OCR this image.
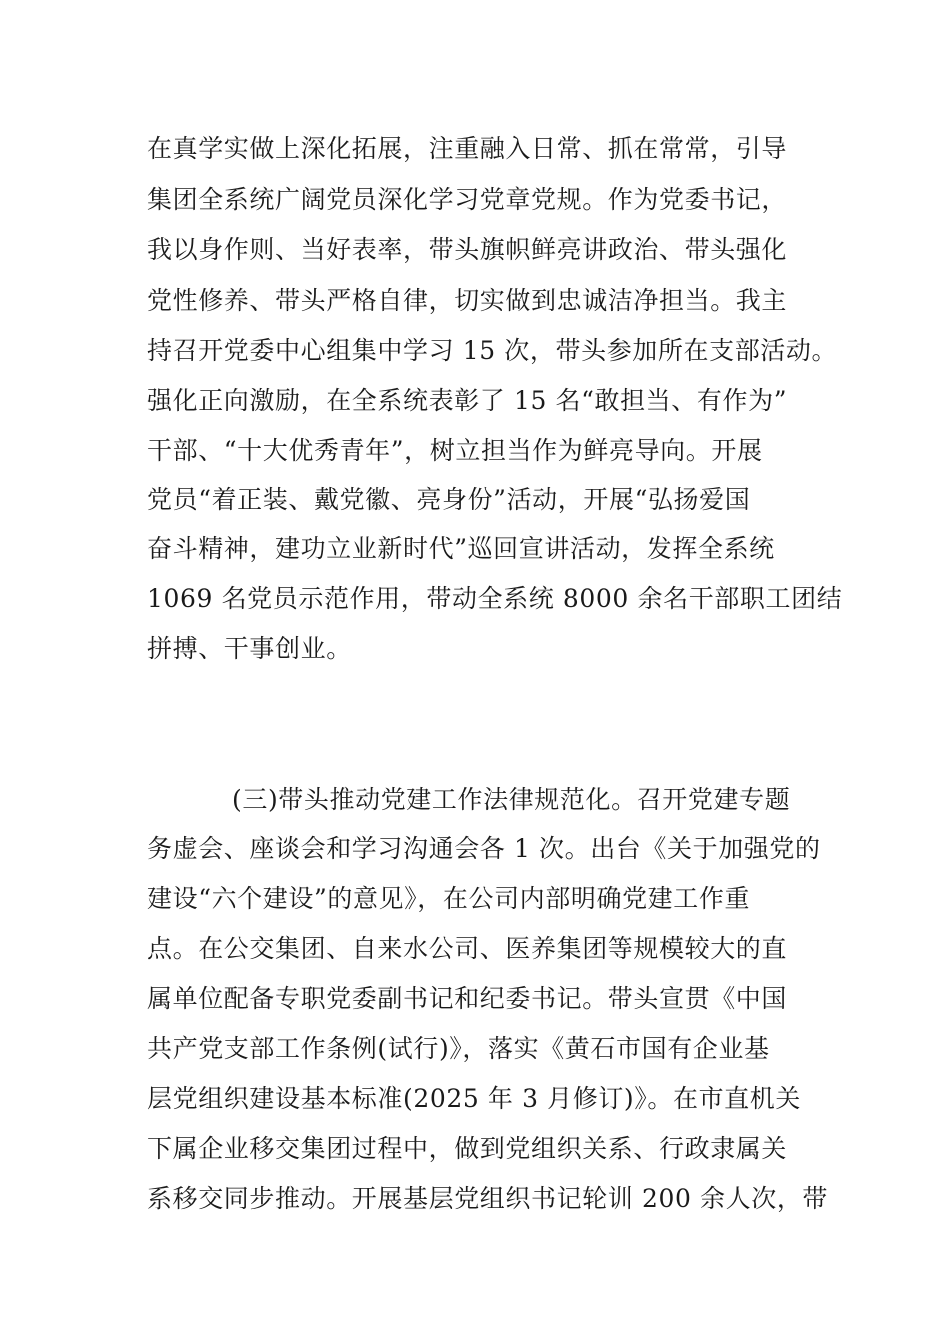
在真学实做上深化拓展，注重融入日常、抓在常常，引导
集团全系统广阔党员深化学习党章党规。作为党委书记，
我以身作则、当好表率，带头旗帜鲜亮讲政治、带头强化
党性修养、带头严格自律，切实做到忠诚洁净担当。我主
持召开党委中心组集中学习 15 次，带头参加所在支部活动。
强化正向激励，在全系统表彰了 15 名“敢担当、有作为”
干部、“十大优秀青年”，树立担当作为鲜亮导向。开展
党员“着正装、戴党徽、亮身份”活动，开展“弘扬爱国
奋斗精神，建功立业新时代”巡回宣讲活动，发挥全系统
1069 名党员示范作用，带动全系统 8000 余名干部职工团结
拼搏、干事创业。
(三)带头推动党建工作法律规范化。召开党建专题
务虚会、座谈会和学习沟通会各 1 次。出台《关于加强党的
建设“六个建设”的意见》，在公司内部明确党建工作重
点。在公交集团、自来水公司、医养集团等规模较大的直
属单位配备专职党委副书记和纪委书记。带头宣贯《中国
共产党支部工作条例(试行)》，落实《黄石市国有企业基
层党组织建设基本标准(2025 年 3 月修订)》。在市直机关
下属企业移交集团过程中，做到党组织关系、行政隶属关
系移交同步推动。开展基层党组织书记轮训 200 余人次，带
